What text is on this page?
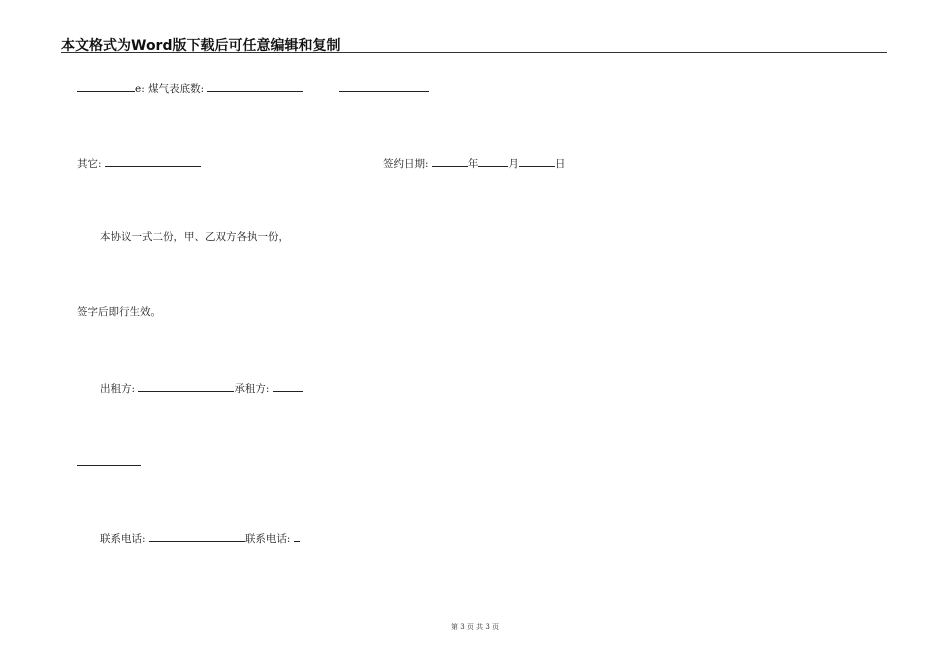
本文格式为Word版下载后可任意编辑和复制
e: 煤气表底数:
其它:	签约日期:	年	月	日
本协议一式二份，甲、乙双方各执一份，
签字后即行生效。
出租方:	承租方:
联系电话:	联系电话:
第 3 页 共 3 页
